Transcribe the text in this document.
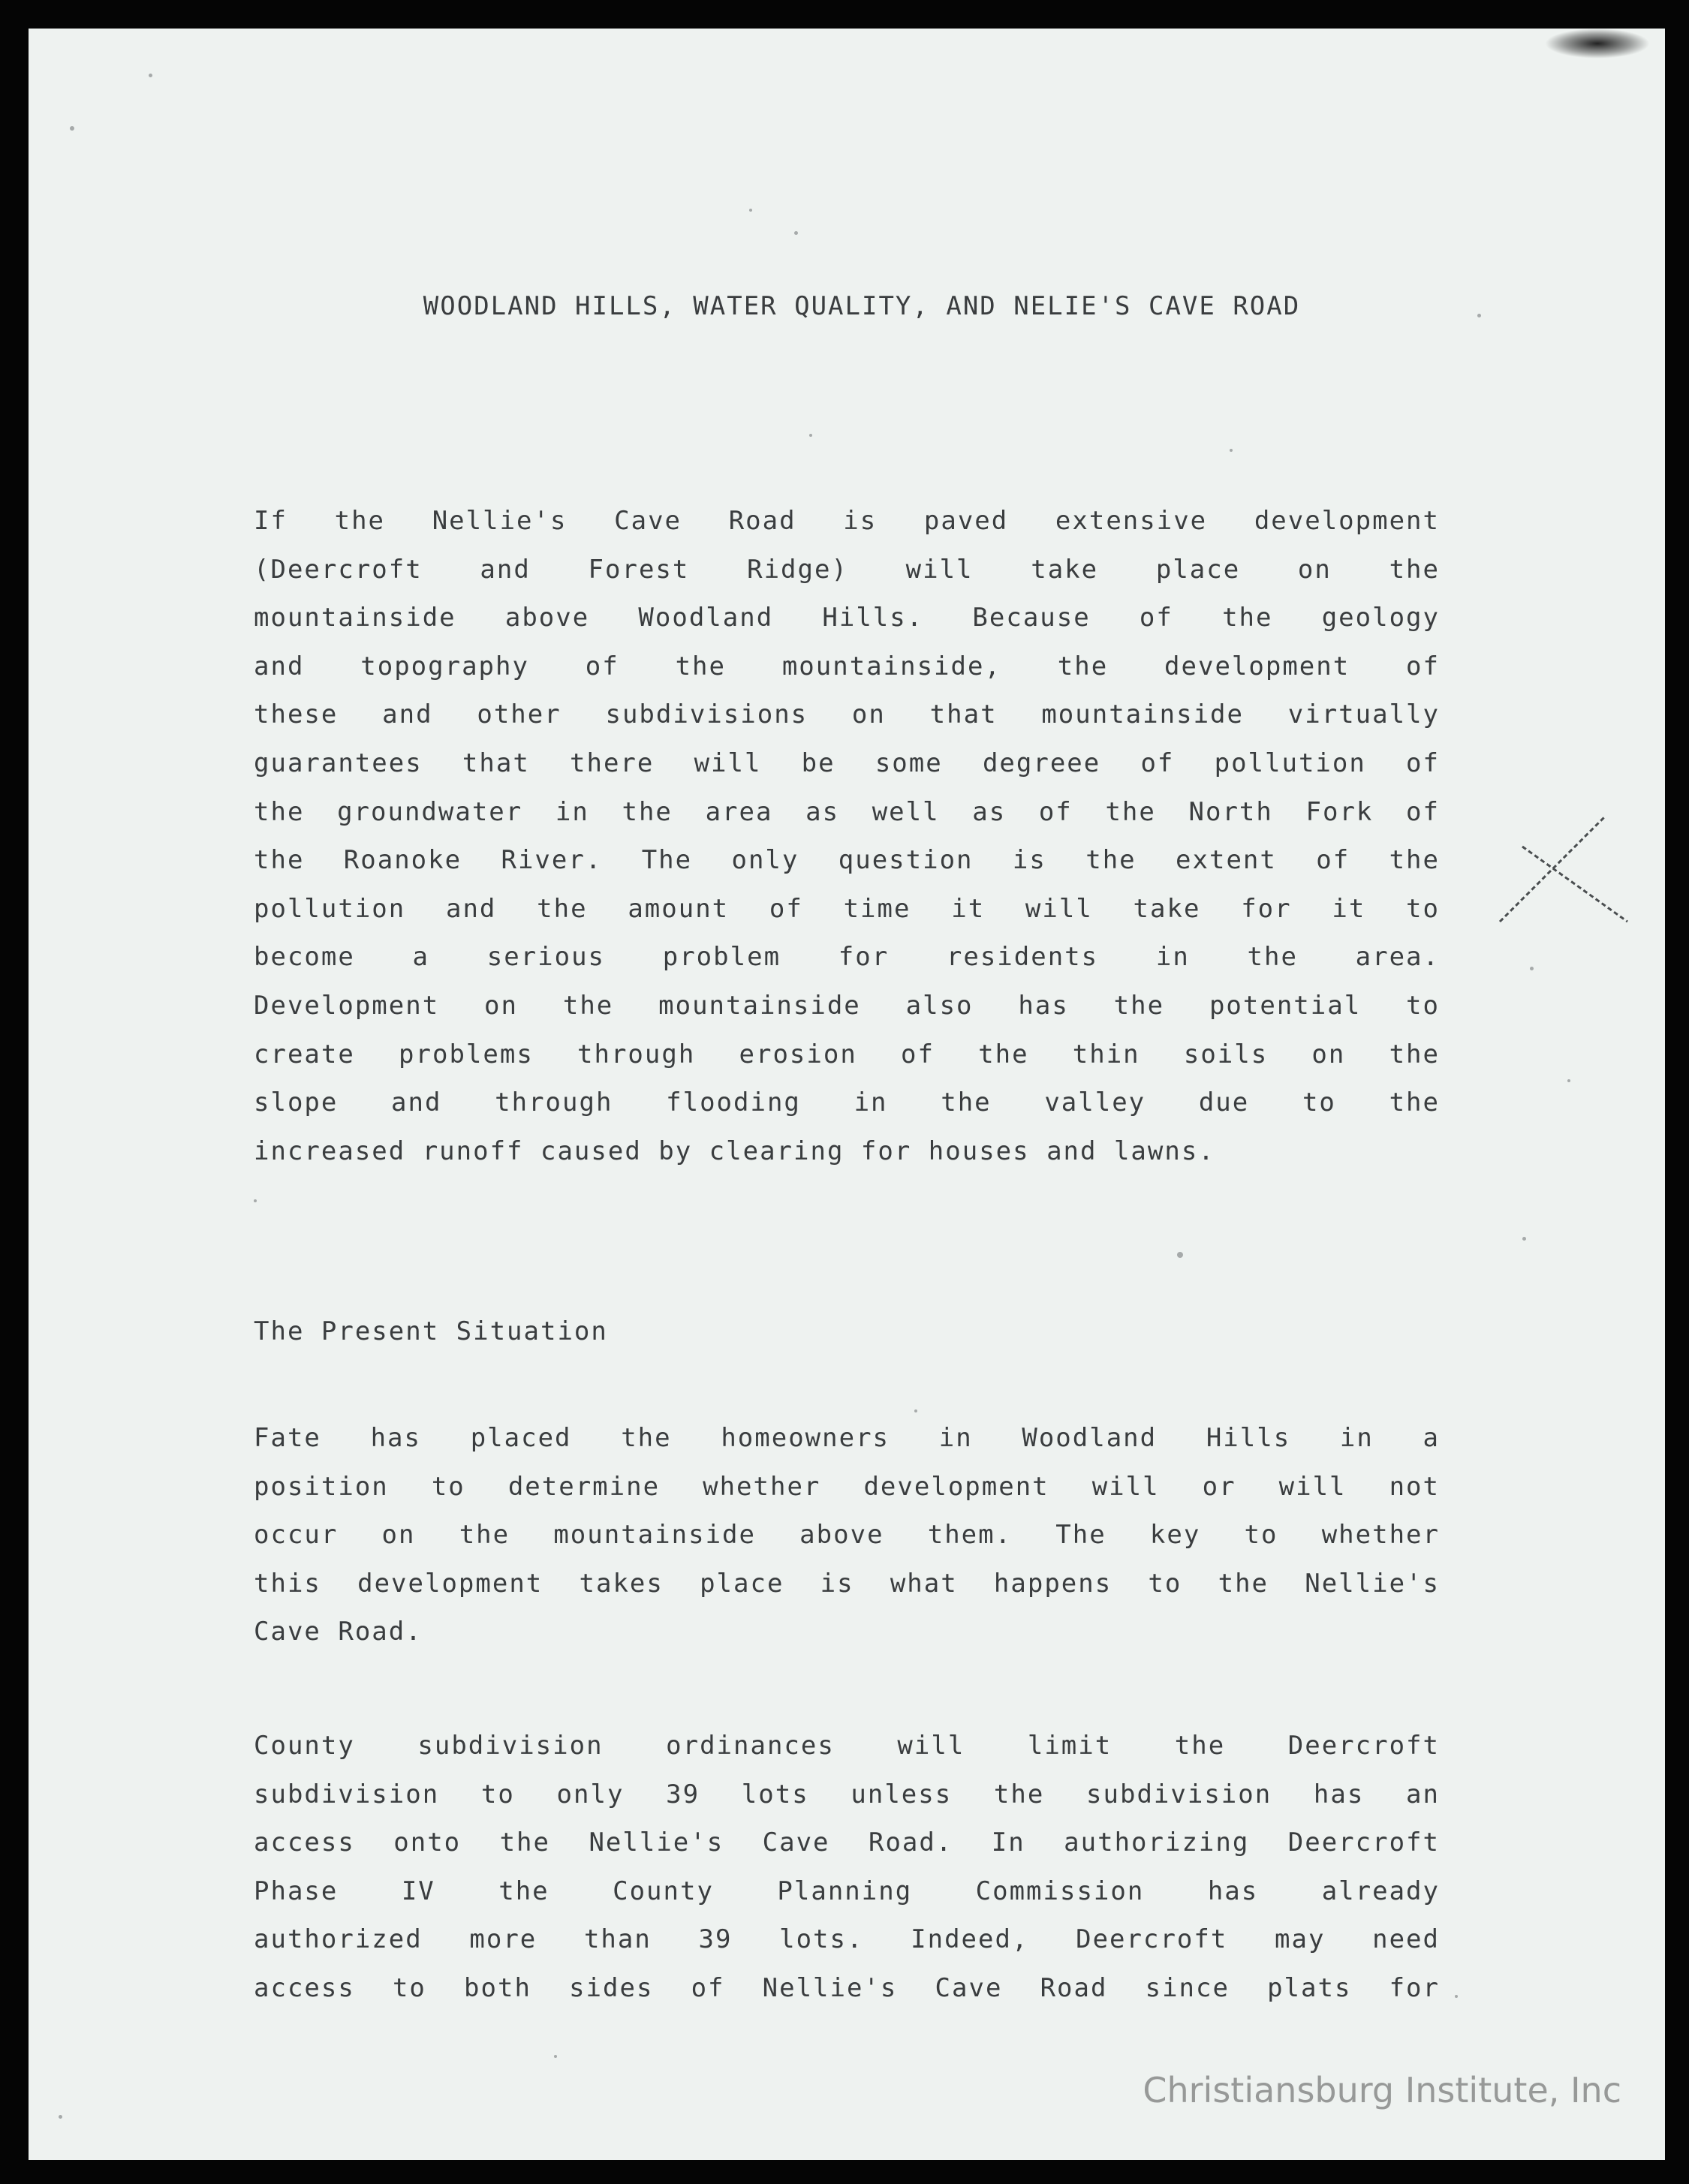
WOODLAND HILLS, WATER QUALITY, AND NELIE'S CAVE ROAD

If the Nellie's Cave Road is paved extensive development
(Deercroft and Forest Ridge) will take place on the
mountainside above Woodland Hills. Because of the geology
and topography of the mountainside, the development of
these and other subdivisions on that mountainside virtually
guarantees that there will be some degreee of pollution of
the groundwater in the area as well as of the North Fork of
the Roanoke River. The only question is the extent of the
pollution and the amount of time it will take for it to
become a serious problem for residents in the area.
Development on the mountainside also has the potential to
create problems through erosion of the thin soils on the
slope and through flooding in the valley due to the
increased runoff caused by clearing for houses and lawns.

The Present Situation

Fate has placed the homeowners in Woodland Hills in a
position to determine whether development will or will not
occur on the mountainside above them. The key to whether
this development takes place is what happens to the Nellie's
Cave Road.

County subdivision ordinances will limit the Deercroft
subdivision to only 39 lots unless the subdivision has an
access onto the Nellie's Cave Road. In authorizing Deercroft
Phase IV the County Planning Commission has already
authorized more than 39 lots. Indeed, Deercroft may need
access to both sides of Nellie's Cave Road since plats for

Christiansburg Institute, Inc
